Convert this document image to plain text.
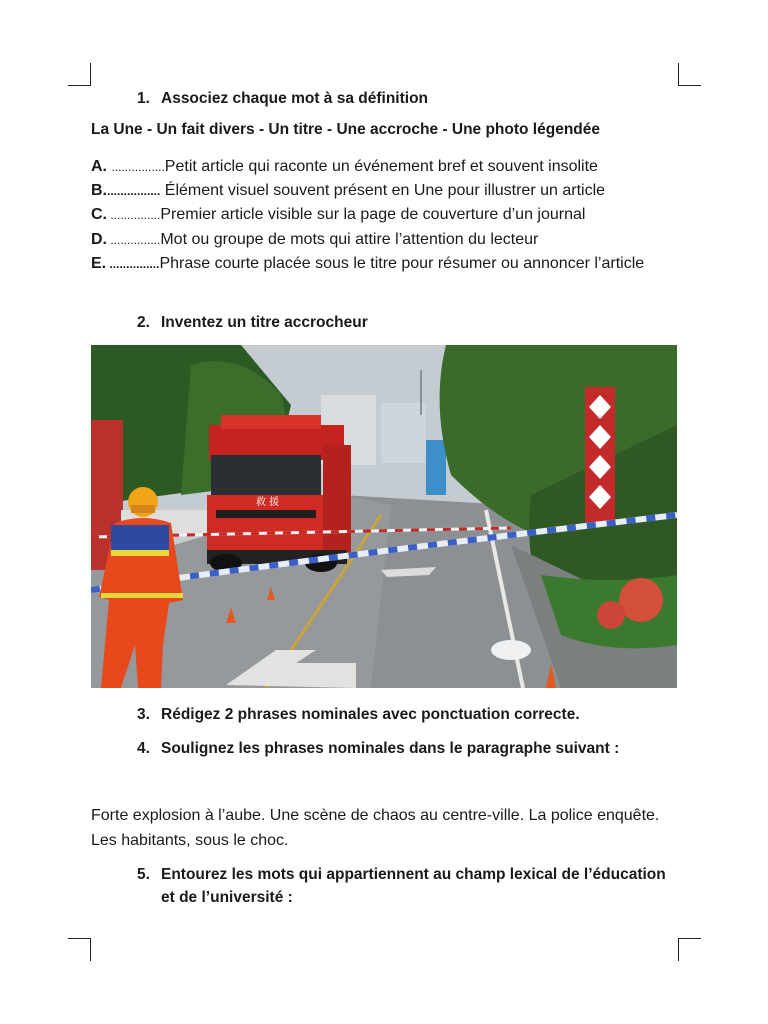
1. Associez chaque mot à sa définition
La Une - Un fait divers - Un titre - Une accroche - Une photo légendée
A. ................Petit article qui raconte un événement bref et souvent insolite
B................. Élément visuel souvent présent en Une pour illustrer un article
C. ...............Premier article visible sur la page de couverture d’un journal
D. ...............Mot ou groupe de mots qui attire l’attention du lecteur
E. ...............Phrase courte placée sous le titre pour résumer ou annoncer l’article
2. Inventez un titre accrocheur
救 援
3. Rédigez 2 phrases nominales avec ponctuation correcte.
4. Soulignez les phrases nominales dans le paragraphe suivant :
Forte explosion à l’aube. Une scène de chaos au centre-ville. La police enquête. Les habitants, sous le choc.
5. Entourez les mots qui appartiennent au champ lexical de l’éducation et de l’université :
